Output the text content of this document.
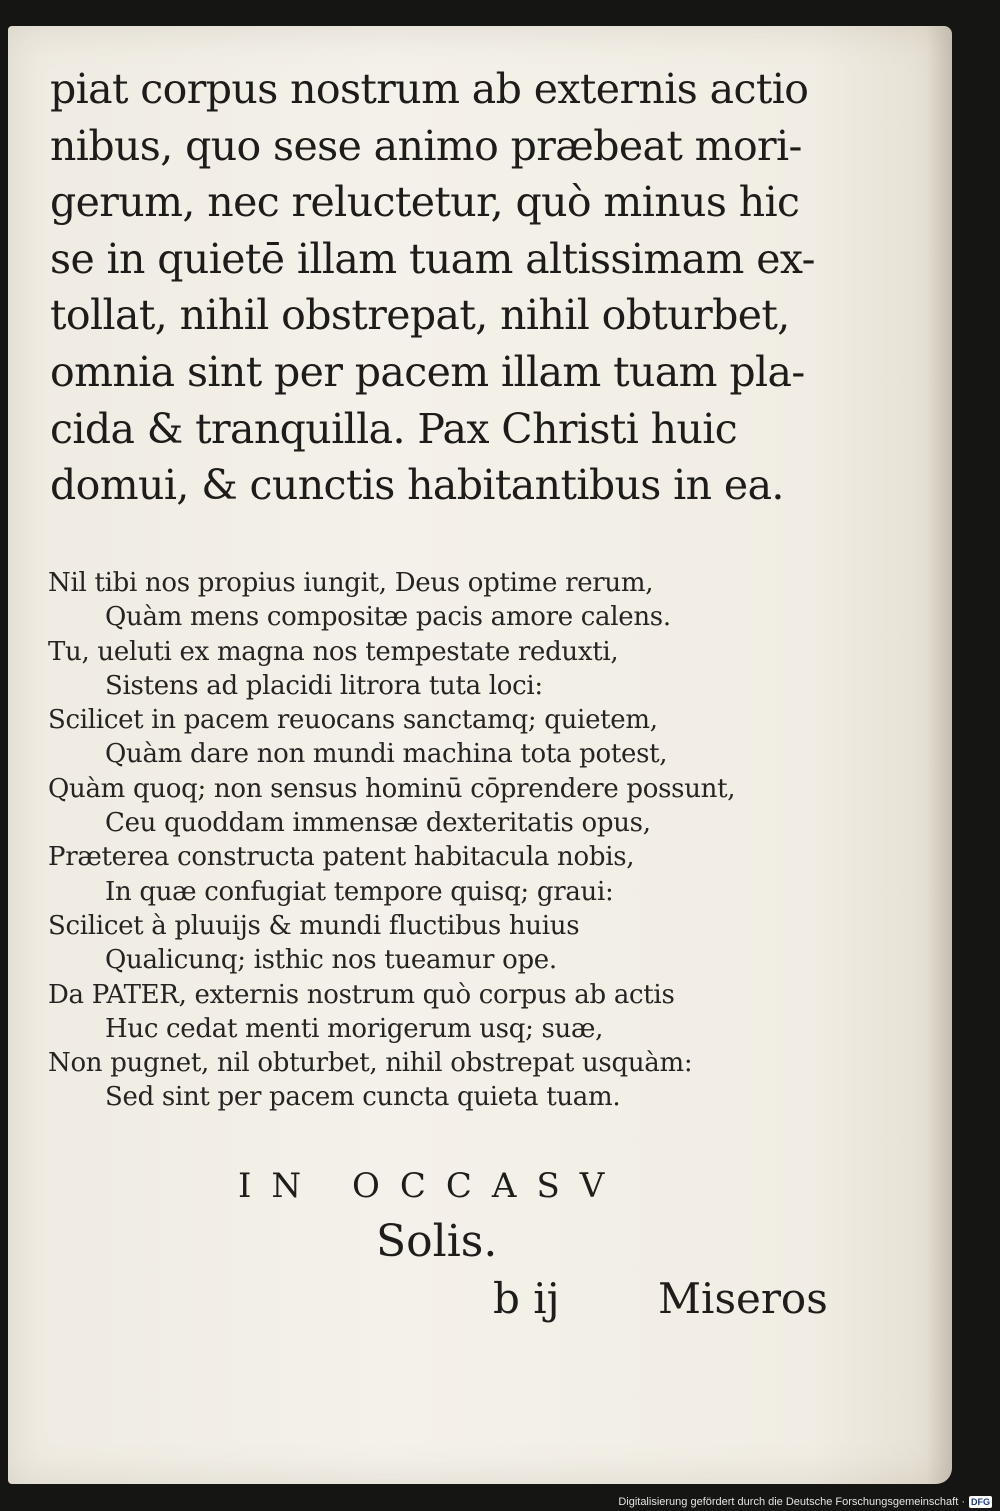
piat corpus nostrum ab externis actio
nibus, quo sese animo præbeat mori-
gerum, nec reluctetur, quò minus hic
se in quietē illam tuam altissimam ex-
tollat, nihil obstrepat, nihil obturbet,
omnia sint per pacem illam tuam pla-
cida & tranquilla. Pax Christi huic
domui, & cunctis habitantibus in ea.
Nil tibi nos propius iungit, Deus optime rerum,
Quàm mens compositæ pacis amore calens.
Tu, ueluti ex magna nos tempestate reduxti,
Sistens ad placidi litrora tuta loci:
Scilicet in pacem reuocans sanctamq; quietem,
Quàm dare non mundi machina tota potest,
Quàm quoq; non sensus hominū cōprendere possunt,
Ceu quoddam immensæ dexteritatis opus,
Præterea constructa patent habitacula nobis,
In quæ confugiat tempore quisq; graui:
Scilicet à pluuijs & mundi fluctibus huius
Qualicunq; isthic nos tueamur ope.
Da PATER, externis nostrum quò corpus ab actis
Huc cedat menti morigerum usq; suæ,
Non pugnet, nil obturbet, nihil obstrepat usquàm:
Sed sint per pacem cuncta quieta tuam.
IN OCCASV
Solis.
b ij Miseros
Digitalisierung gefördert durch die Deutsche Forschungsgemeinschaft · DFG
